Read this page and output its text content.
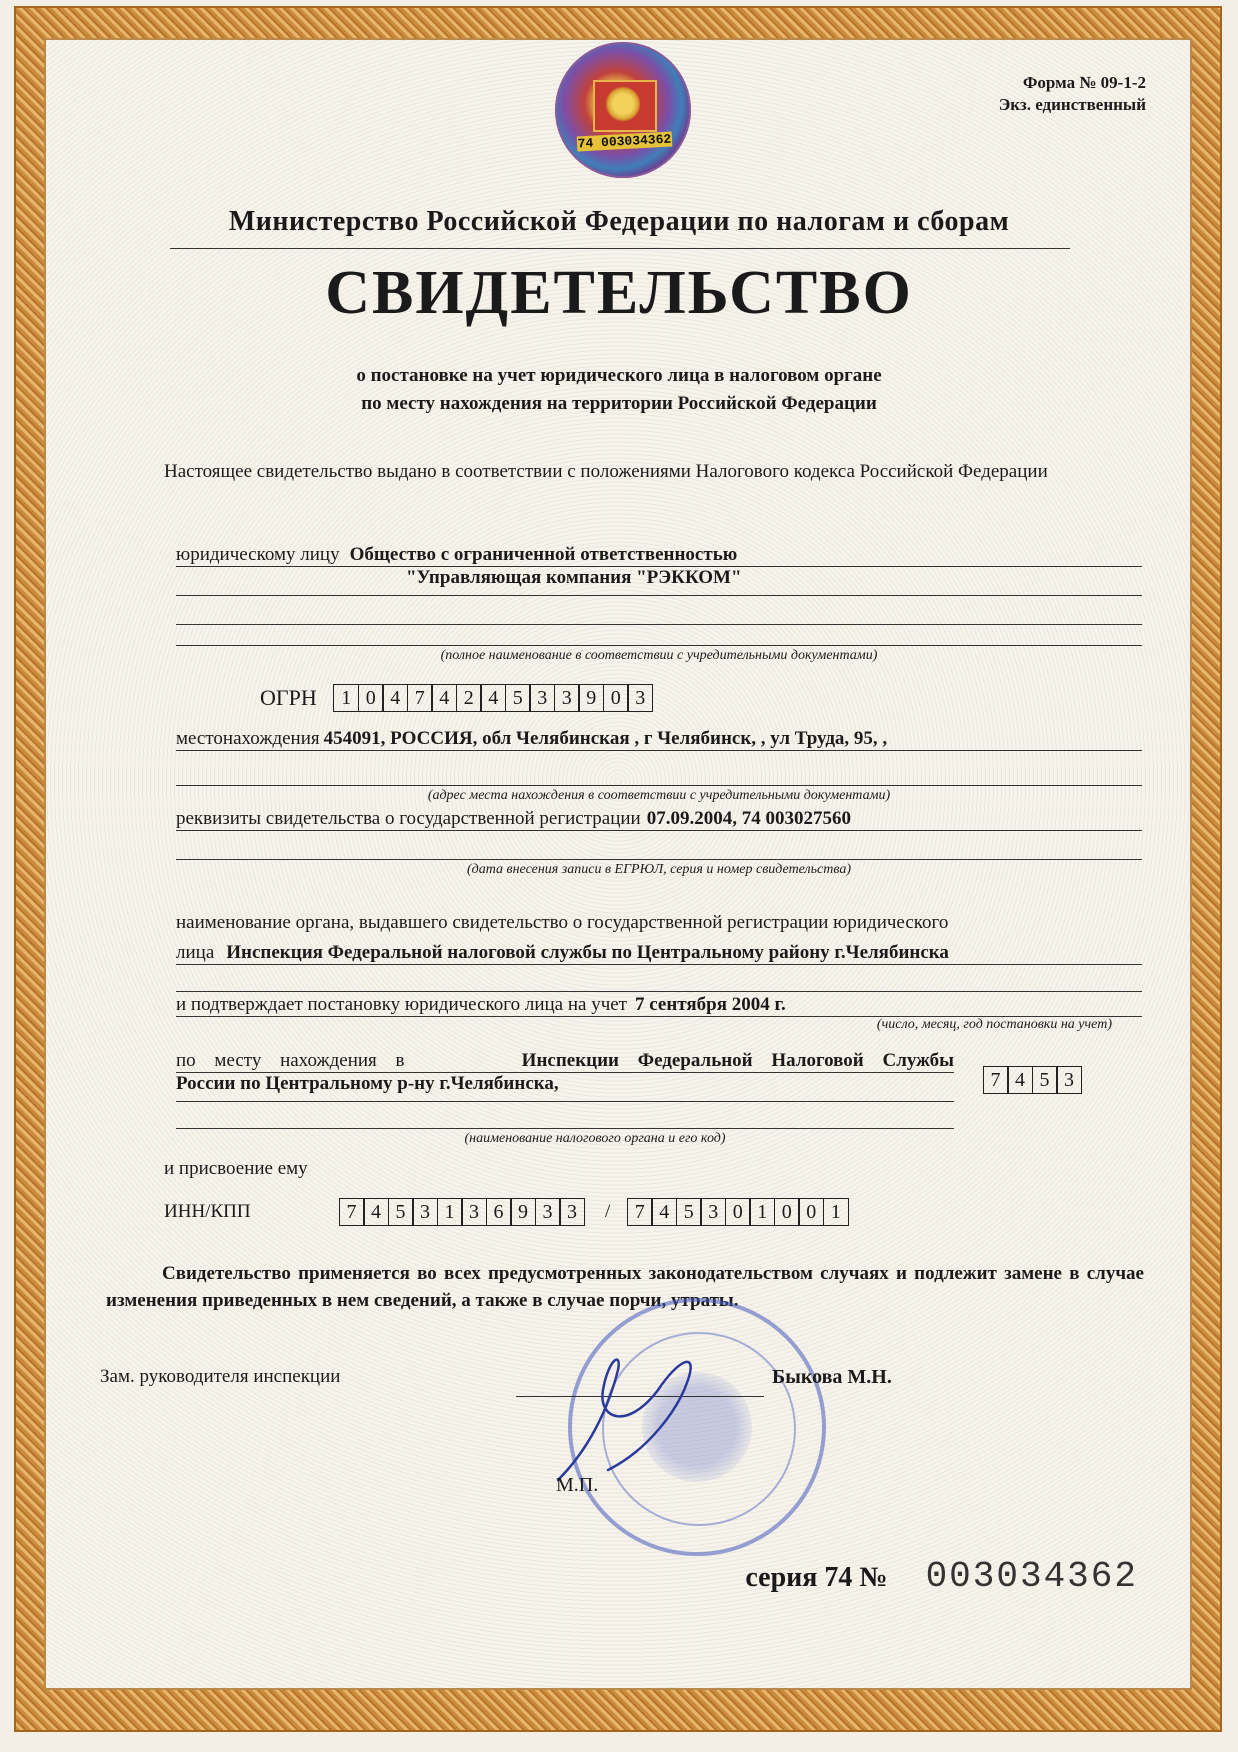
74 003034362
Форма № 09-1-2
Экз. единственный
Министерство Российской Федерации по налогам и сборам
СВИДЕТЕЛЬСТВО
о постановке на учет юридического лица в налоговом органе
по месту нахождения на территории Российской Федерации
Настоящее свидетельство выдано в соответствии с положениями Налогового кодекса Российской Федерации
юридическому лицу Общество с ограниченной ответственностью
"Управляющая компания "РЭККОМ"
(полное наименование в соответствии с учредительными документами)
ОГРН	1 0 4 7 4 2 4 5 3 3 9 0 3
местонахождения 454091, РОССИЯ, обл Челябинская , г Челябинск, , ул Труда, 95, ,
(адрес места нахождения в соответствии с учредительными документами)
реквизиты свидетельства о государственной регистрации 07.09.2004, 74 003027560
(дата внесения записи в ЕГРЮЛ, серия и номер свидетельства)
наименование органа, выдавшего свидетельство о государственной регистрации юридического
лица Инспекция Федеральной налоговой службы по Центральному району г.Челябинска
и подтверждает постановку юридического лица на учет 7 сентября 2004 г.
(число, месяц, год постановки на учет)
по месту нахождения в	Инспекции Федеральной Налоговой Службы
России по Центральному р-ну г.Челябинска,
(наименование налогового органа и его код)
7 4 5 3
и присвоение ему
ИНН/КПП	7 4 5 3 1 3 6 9 3 3	/	7 4 5 3 0 1 0 0 1
Свидетельство применяется во всех предусмотренных законодательством случаях и подлежит замене в случае изменения приведенных в нем сведений, а также в случае порчи, утраты.
Зам. руководителя инспекции	Быкова М.Н.
М.П.
серия 74 № 003034362
